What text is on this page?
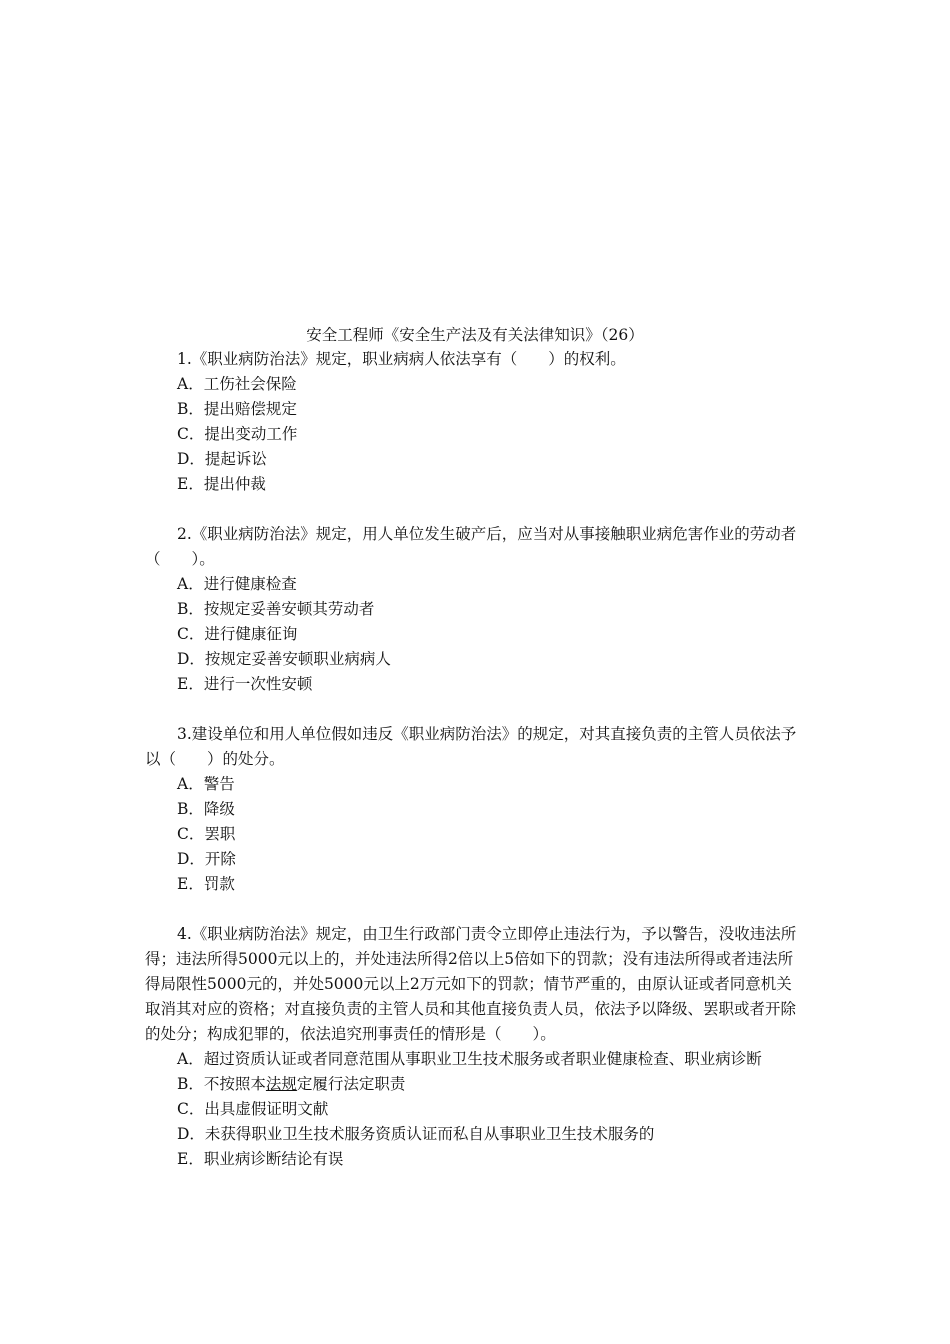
安全工程师《安全生产法及有关法律知识》（26）

1.《职业病防治法》规定，职业病病人依法享有（　　）的权利。

A．工伤社会保险

B．提出赔偿规定

C．提出变动工作

D．提起诉讼

E．提出仲裁

2.《职业病防治法》规定，用人单位发生破产后，应当对从事接触职业病危害作业的劳动者（　　）。

A．进行健康检查

B．按规定妥善安顿其劳动者

C．进行健康征询

D．按规定妥善安顿职业病病人

E．进行一次性安顿

3.建设单位和用人单位假如违反《职业病防治法》的规定，对其直接负责的主管人员依法予以（　　）的处分。

A．警告

B．降级

C．罢职

D．开除

E．罚款

4.《职业病防治法》规定，由卫生行政部门责令立即停止违法行为，予以警告，没收违法所得；违法所得5000元以上的，并处违法所得2倍以上5倍如下的罚款；没有违法所得或者违法所得局限性5000元的，并处5000元以上2万元如下的罚款；情节严重的，由原认证或者同意机关取消其对应的资格；对直接负责的主管人员和其他直接负责人员，依法予以降级、罢职或者开除的处分；构成犯罪的，依法追究刑事责任的情形是（　　）。

A．超过资质认证或者同意范围从事职业卫生技术服务或者职业健康检查、职业病诊断

B．不按照本法规定履行法定职责

C．出具虚假证明文献

D．未获得职业卫生技术服务资质认证而私自从事职业卫生技术服务的

E．职业病诊断结论有误
